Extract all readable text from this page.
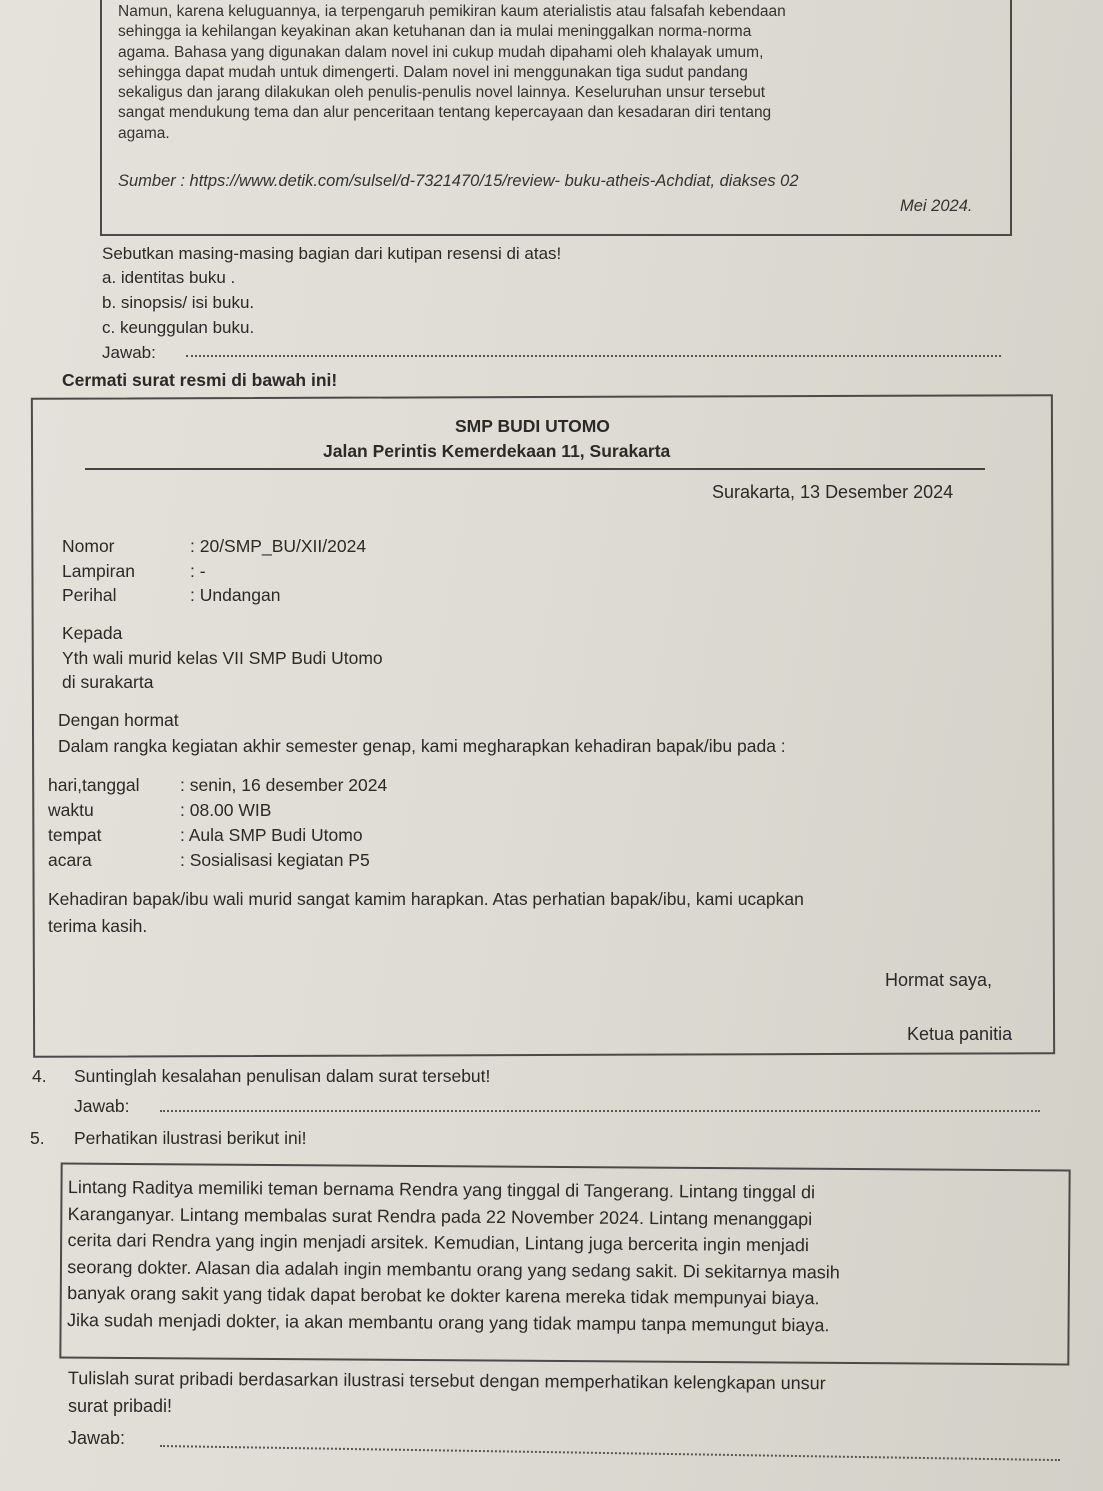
Namun, karena keluguannya, ia terpengaruh pemikiran kaum aterialistis atau falsafah kebendaan
sehingga ia kehilangan keyakinan akan ketuhanan dan ia mulai meninggalkan norma-norma
agama. Bahasa yang digunakan dalam novel ini cukup mudah dipahami oleh khalayak umum,
sehingga dapat mudah untuk dimengerti. Dalam novel ini menggunakan tiga sudut pandang
sekaligus dan jarang dilakukan oleh penulis-penulis novel lainnya. Keseluruhan unsur tersebut
sangat mendukung tema dan alur penceritaan tentang kepercayaan dan kesadaran diri tentang
agama.
Sumber : https://www.detik.com/sulsel/d-7321470/15/review- buku-atheis-Achdiat, diakses 02
Mei 2024.
Sebutkan masing-masing bagian dari kutipan resensi di atas!
a. identitas buku .
b. sinopsis/ isi buku.
c. keunggulan buku.
Jawab:
Cermati surat resmi di bawah ini!
SMP BUDI UTOMO
Jalan Perintis Kemerdekaan 11, Surakarta
Surakarta, 13 Desember 2024
Nomor	: 20/SMP_BU/XII/2024
Lampiran	: -
Perihal	: Undangan
Kepada
Yth wali murid kelas VII SMP Budi Utomo
di surakarta
Dengan hormat
Dalam rangka kegiatan akhir semester genap, kami megharapkan kehadiran bapak/ibu pada :
hari,tanggal : senin, 16 desember 2024
waktu	: 08.00 WIB
tempat	: Aula SMP Budi Utomo
acara	: Sosialisasi kegiatan P5
Kehadiran bapak/ibu wali murid sangat kamim harapkan. Atas perhatian bapak/ibu, kami ucapkan
terima kasih.
Hormat saya,
Ketua panitia
4. Suntinglah kesalahan penulisan dalam surat tersebut!
Jawab:
5. Perhatikan ilustrasi berikut ini!
Lintang Raditya memiliki teman bernama Rendra yang tinggal di Tangerang. Lintang tinggal di
Karanganyar. Lintang membalas surat Rendra pada 22 November 2024. Lintang menanggapi
cerita dari Rendra yang ingin menjadi arsitek. Kemudian, Lintang juga bercerita ingin menjadi
seorang dokter. Alasan dia adalah ingin membantu orang yang sedang sakit. Di sekitarnya masih
banyak orang sakit yang tidak dapat berobat ke dokter karena mereka tidak mempunyai biaya.
Jika sudah menjadi dokter, ia akan membantu orang yang tidak mampu tanpa memungut biaya.
Tulislah surat pribadi berdasarkan ilustrasi tersebut dengan memperhatikan kelengkapan unsur
surat pribadi!
Jawab:
